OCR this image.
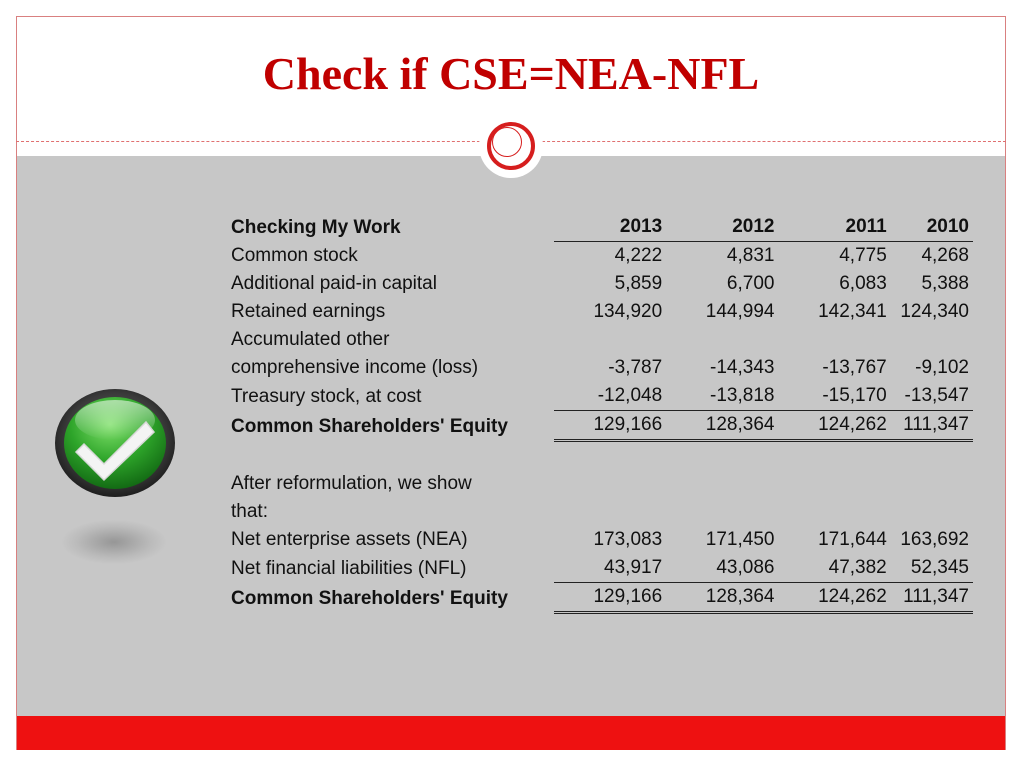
Check if CSE=NEA-NFL
Checking My Work	2013	2012	2011	2010
Common stock	4,222	4,831	4,775	4,268
Additional paid-in capital	5,859	6,700	6,083	5,388
Retained earnings	134,920	144,994	142,341	124,340
Accumulated other				
comprehensive income (loss)	-3,787	-14,343	-13,767	-9,102
Treasury stock, at cost	-12,048	-13,818	-15,170	-13,547
Common Shareholders' Equity	129,166	128,364	124,262	111,347

After reformulation, we show				
that:				
Net enterprise assets (NEA)	173,083	171,450	171,644	163,692
Net financial liabilities (NFL)	43,917	43,086	47,382	52,345
Common Shareholders' Equity	129,166	128,364	124,262	111,347
